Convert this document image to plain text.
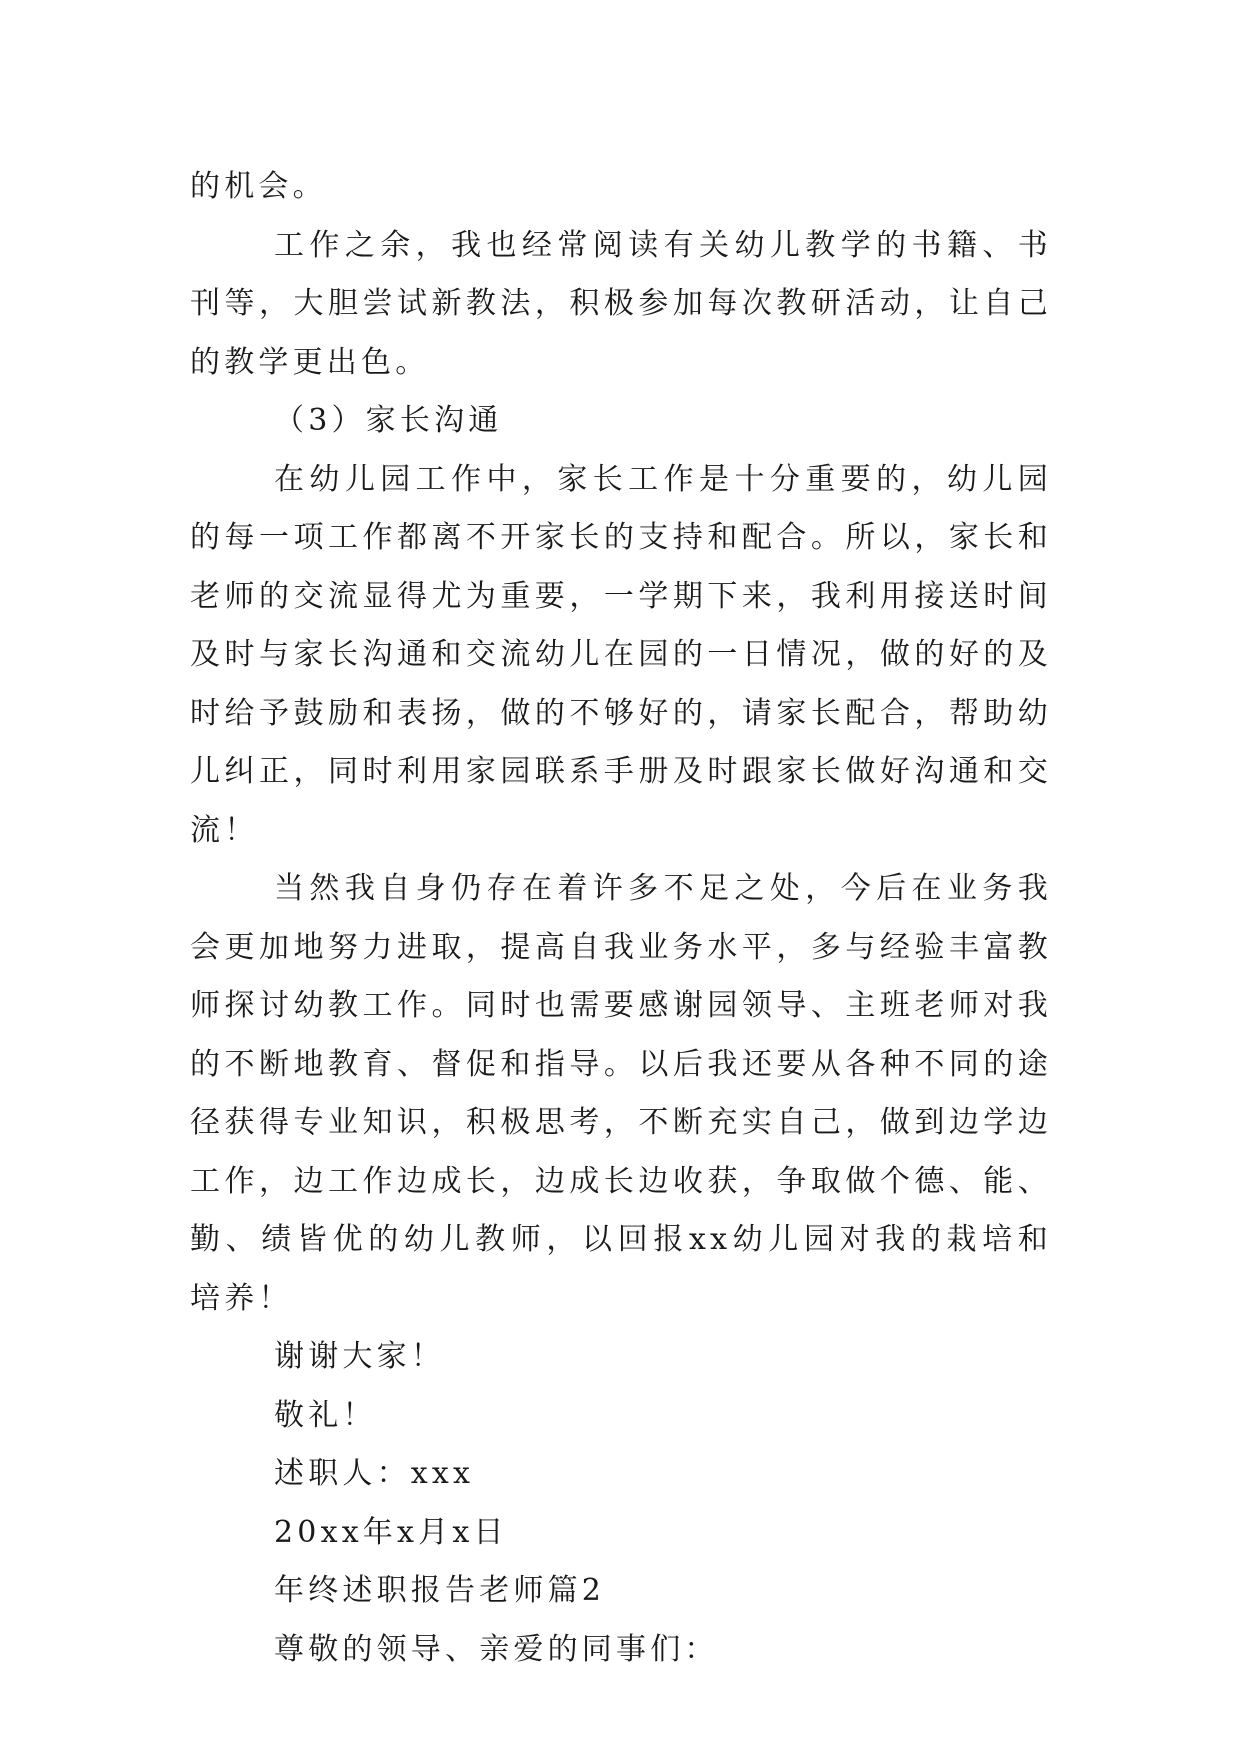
的机会。

工作之余，我也经常阅读有关幼儿教学的书籍、书刊等，大胆尝试新教法，积极参加每次教研活动，让自己的教学更出色。

（3）家长沟通

在幼儿园工作中，家长工作是十分重要的，幼儿园的每一项工作都离不开家长的支持和配合。所以，家长和老师的交流显得尤为重要，一学期下来，我利用接送时间及时与家长沟通和交流幼儿在园的一日情况，做的好的及时给予鼓励和表扬，做的不够好的，请家长配合，帮助幼儿纠正，同时利用家园联系手册及时跟家长做好沟通和交流！

当然我自身仍存在着许多不足之处，今后在业务我会更加地努力进取，提高自我业务水平，多与经验丰富教师探讨幼教工作。同时也需要感谢园领导、主班老师对我的不断地教育、督促和指导。以后我还要从各种不同的途径获得专业知识，积极思考，不断充实自己，做到边学边工作，边工作边成长，边成长边收获，争取做个德、能、勤、绩皆优的幼儿教师，以回报xx幼儿园对我的栽培和培养！

谢谢大家！

敬礼！

述职人：xxx

20xx年x月x日

年终述职报告老师篇2

尊敬的领导、亲爱的同事们：
